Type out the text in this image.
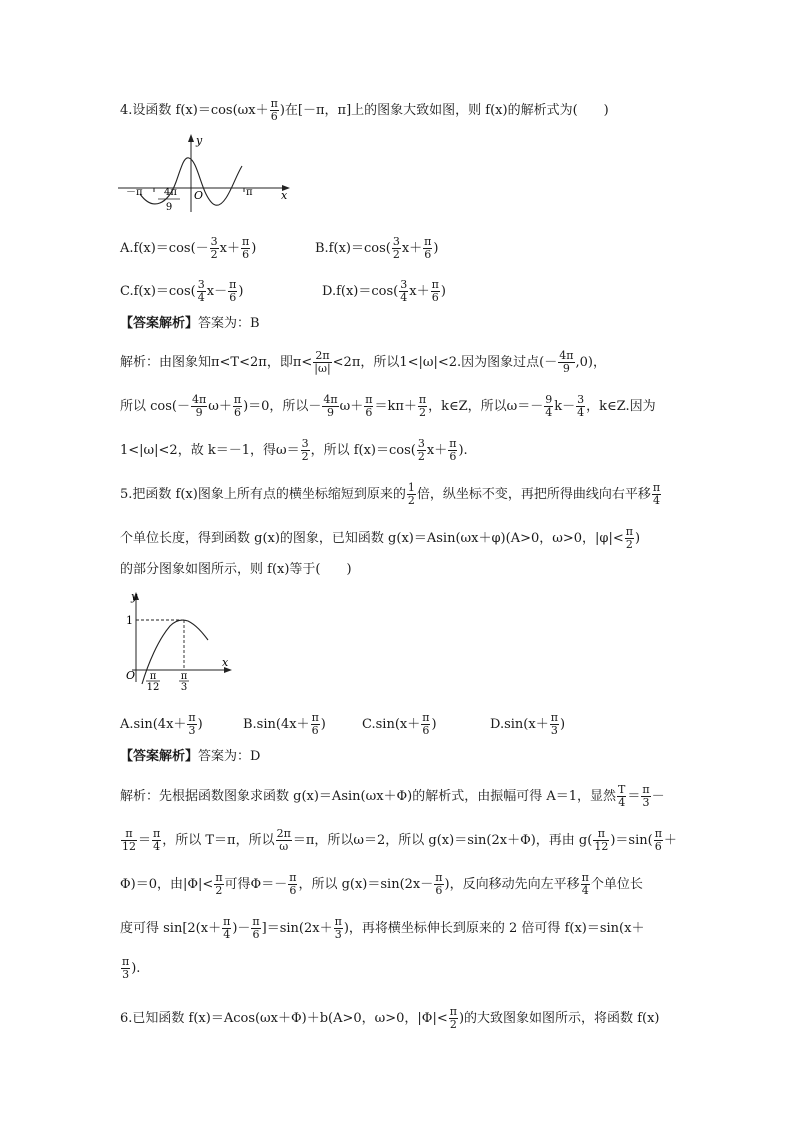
4.设函数 $f(x)=\cos(\omega x+ \frac{\pi}{6}$ )在[－π，π]上的图象大致如图，则 f(x)的解析式为(　　)
y
x
O
－π	π
4π
9
$A.f(x)=\cos(- \frac{3}{2} x+ \frac{\pi}{6}$ )	$B.f(x)=\cos( \frac{3}{2} x+ \frac{\pi}{6}$ )
$C.f(x)=\cos( \frac{3}{4} x- \frac{\pi}{6}$ )	$D.f(x)=\cos( \frac{3}{4} x+ \frac{\pi}{6}$ )
【答案解析】答案为：B
解析：由图象知π<T<2π，即$\pi< \frac{2\pi}{|\omega|} <2\pi$，所以1<|ω|<2.因为图象过点(－ $\frac{4\pi}{9} ,0$)，
所以 $\cos(- \frac{4\pi}{9} \omega+ \frac{\pi}{6} )=0$，所以－ $\frac{4\pi}{9} \omega+ \frac{\pi}{6} =k\pi+ \frac{\pi}{2}$ ，k∈Z，所以$\omega=- \frac{9}{4} k- \frac{3}{4}$ ，k∈Z.因为
1<|ω|<2，故 k＝－1，得$\omega= \frac{3}{2}$ ，所以 $f(x)=\cos( \frac{3}{2} x+ \frac{\pi}{6}$ ).
5.把函数 f(x)图象上所有点的横坐标缩短到原来的 $\frac{1}{2}$ 倍，纵坐标不变，再把所得曲线向右平移 $\frac{\pi}{4}$
个单位长度，得到函数 g(x)的图象，已知函数 g(x)＝Asin(ωx＋φ)(A>0，ω>0，$|\varphi|< \frac{\pi}{2}$ )
的部分图象如图所示，则 f(x)等于(　　)
y
x
O
1
π
12
π
3
$A.\sin(4x+ \frac{\pi}{3}$ )	$B.\sin(4x+ \frac{\pi}{6}$ )	$C.\sin(x+ \frac{\pi}{6}$ )	$D.\sin(x+ \frac{\pi}{3}$ )
【答案解析】答案为：D
解析：先根据函数图象求函数 g(x)＝Asin(ωx＋Φ)的解析式，由振幅可得 A＝1，显然 $\frac{T}{4} = \frac{\pi}{3}$ －
$\frac{\pi}{12} = \frac{\pi}{4}$ ，所以 T＝π，所以 $\frac{2\pi}{\omega} =\pi$，所以ω＝2，所以 g(x)＝sin(2x＋Φ)，再由 $g( \frac{\pi}{12} )=\sin( \frac{\pi}{6}$ ＋
Φ)＝0，由$|\Phi|< \frac{\pi}{2}$ 可得$\Phi=- \frac{\pi}{6}$ ，所以 $g(x)=\sin(2x- \frac{\pi}{6}$ )，反向移动先向左平移 $\frac{\pi}{4}$ 个单位长
度可得 $\sin[2(x+ \frac{\pi}{4}$ )－ $\frac{\pi}{6} ]=\sin(2x+ \frac{\pi}{3}$ )，再将横坐标伸长到原来的 2 倍可得 f(x)＝sin(x＋
$\frac{\pi}{3}$ ).
6.已知函数 f(x)＝Acos(ωx＋Φ)＋b(A>0，ω>0，$|\Phi|< \frac{\pi}{2}$ )的大致图象如图所示，将函数 f(x)
